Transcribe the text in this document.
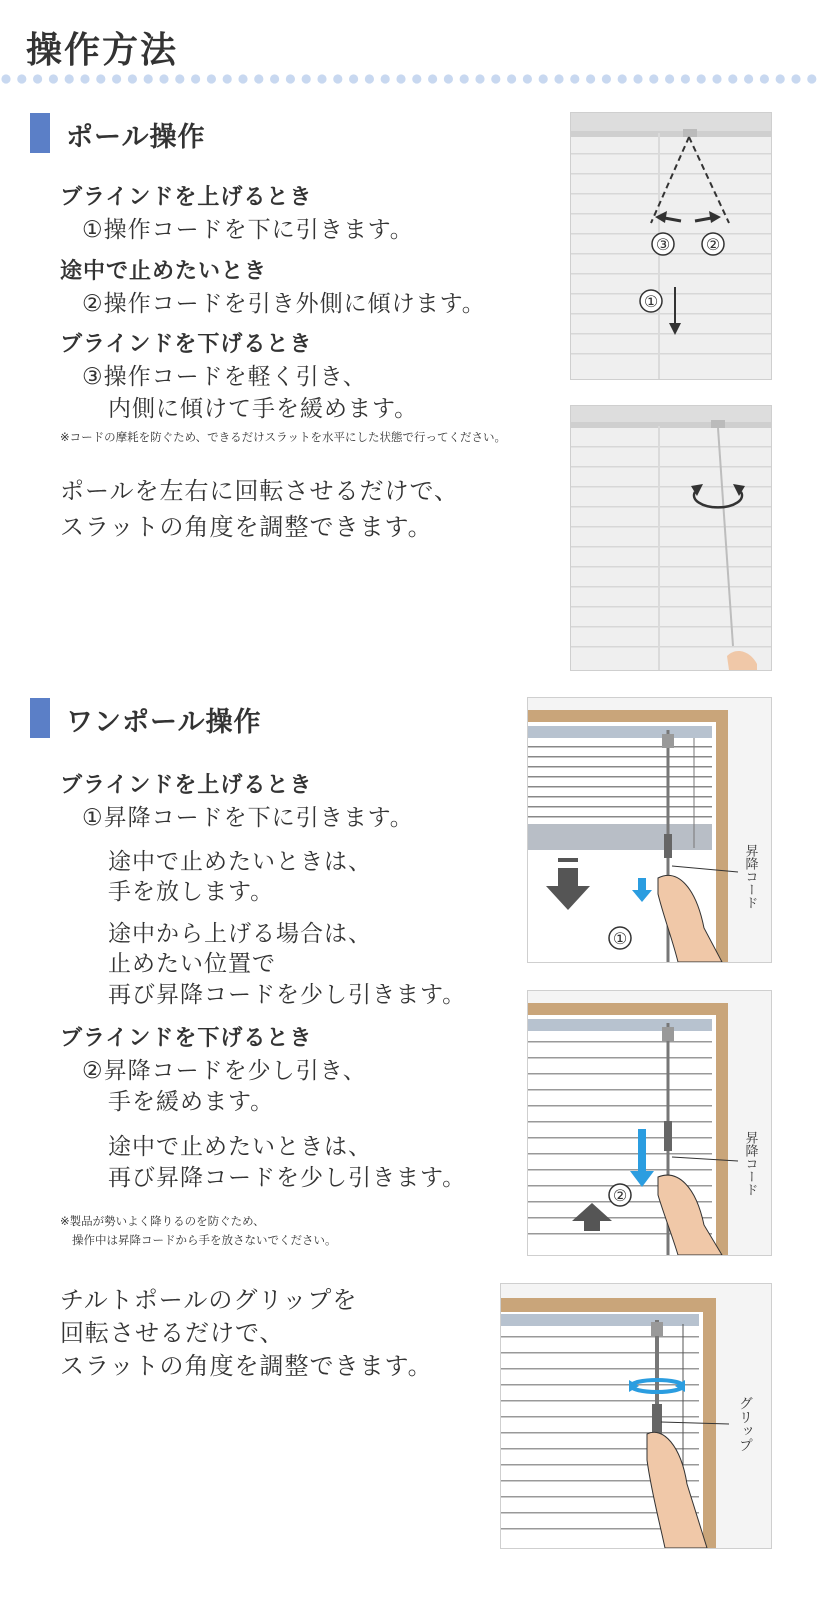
操作方法
ポール操作
ブラインドを上げるとき
①操作コードを下に引きます。
途中で止めたいとき
②操作コードを引き外側に傾けます。
ブラインドを下げるとき
③操作コードを軽く引き、
内側に傾けて手を緩めます。
※コードの摩耗を防ぐため、できるだけスラットを水平にした状態で行ってください。
ポールを左右に回転させるだけで、
スラットの角度を調整できます。
③ ②
①
ワンポール操作
ブラインドを上げるとき
①昇降コードを下に引きます。
途中で止めたいときは、
手を放します。
途中から上げる場合は、
止めたい位置で
再び昇降コードを少し引きます。
ブラインドを下げるとき
②昇降コードを少し引き、
手を緩めます。
途中で止めたいときは、
再び昇降コードを少し引きます。
※製品が勢いよく降りるのを防ぐため、
操作中は昇降コードから手を放さないでください。
チルトポールのグリップを
回転させるだけで、
スラットの角度を調整できます。
①
昇降コード
②	昇降コード
グリップ
